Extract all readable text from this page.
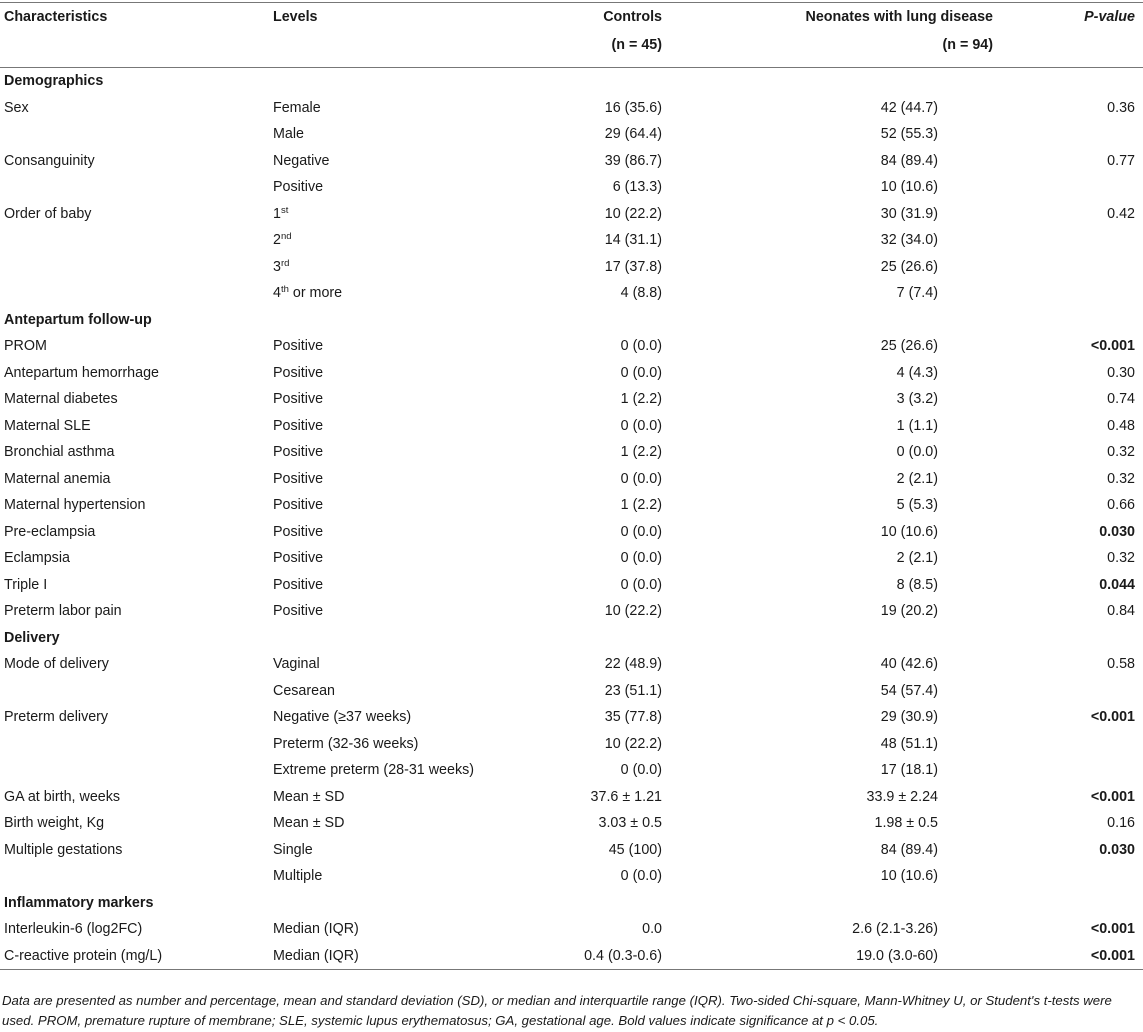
Characteristics	Levels	Controls	Neonates with lung disease	P-value
		(n = 45)	(n = 94)	
Demographics				
Sex	Female	16 (35.6)	42 (44.7)	0.36
	Male	29 (64.4)	52 (55.3)	
Consanguinity	Negative	39 (86.7)	84 (89.4)	0.77
	Positive	6 (13.3)	10 (10.6)	
Order of baby	1st	10 (22.2)	30 (31.9)	0.42
	2nd	14 (31.1)	32 (34.0)	
	3rd	17 (37.8)	25 (26.6)	
	4th or more	4 (8.8)	7 (7.4)	
Antepartum follow-up				
PROM	Positive	0 (0.0)	25 (26.6)	<0.001
Antepartum hemorrhage	Positive	0 (0.0)	4 (4.3)	0.30
Maternal diabetes	Positive	1 (2.2)	3 (3.2)	0.74
Maternal SLE	Positive	0 (0.0)	1 (1.1)	0.48
Bronchial asthma	Positive	1 (2.2)	0 (0.0)	0.32
Maternal anemia	Positive	0 (0.0)	2 (2.1)	0.32
Maternal hypertension	Positive	1 (2.2)	5 (5.3)	0.66
Pre-eclampsia	Positive	0 (0.0)	10 (10.6)	0.030
Eclampsia	Positive	0 (0.0)	2 (2.1)	0.32
Triple I	Positive	0 (0.0)	8 (8.5)	0.044
Preterm labor pain	Positive	10 (22.2)	19 (20.2)	0.84
Delivery				
Mode of delivery	Vaginal	22 (48.9)	40 (42.6)	0.58
	Cesarean	23 (51.1)	54 (57.4)	
Preterm delivery	Negative (≥37 weeks)	35 (77.8)	29 (30.9)	<0.001
	Preterm (32-36 weeks)	10 (22.2)	48 (51.1)	
	Extreme preterm (28-31 weeks)	0 (0.0)	17 (18.1)	
GA at birth, weeks	Mean ± SD	37.6 ± 1.21	33.9 ± 2.24	<0.001
Birth weight, Kg	Mean ± SD	3.03 ± 0.5	1.98 ± 0.5	0.16
Multiple gestations	Single	45 (100)	84 (89.4)	0.030
	Multiple	0 (0.0)	10 (10.6)	
Inflammatory markers				
Interleukin-6 (log2FC)	Median (IQR)	0.0	2.6 (2.1-3.26)	<0.001
C-reactive protein (mg/L)	Median (IQR)	0.4 (0.3-0.6)	19.0 (3.0-60)	<0.001
Data are presented as number and percentage, mean and standard deviation (SD), or median and interquartile range (IQR). Two-sided Chi-square, Mann-Whitney U, or Student's t-tests were used. PROM, premature rupture of membrane; SLE, systemic lupus erythematosus; GA, gestational age. Bold values indicate significance at p < 0.05.
